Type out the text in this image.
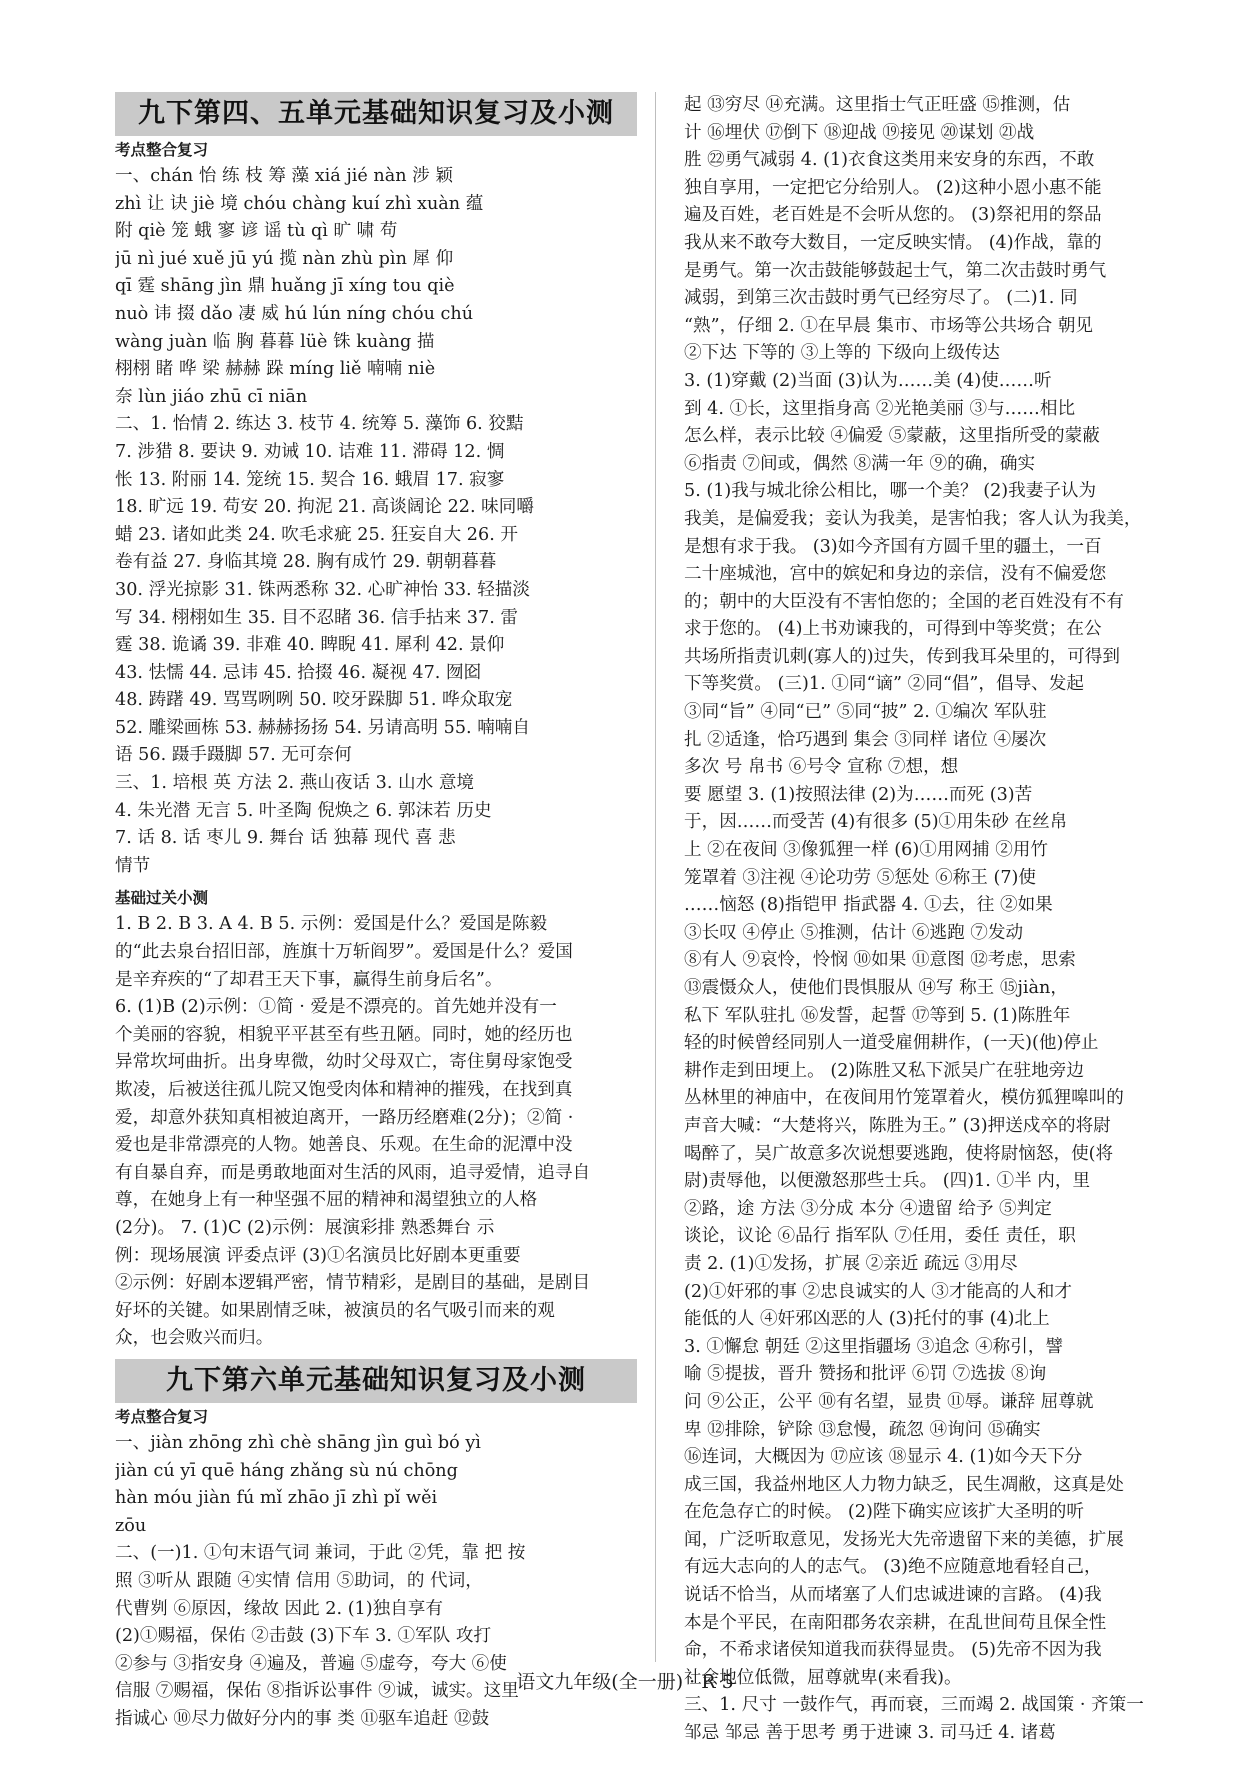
九下第四、五单元基础知识复习及小测
考点整合复习
一、chán 怡 练 枝 筹 藻 xiá jié nàn 涉 颖
zhì 让 诀 jiè 境 chóu chàng kuí zhì xuàn 蕴
附 qiè 笼 蛾 寥 谚 谣 tù qì 旷 啸 苟
jū nì jué xuě jū yú 揽 nàn zhù pìn 犀 仰
qī 霆 shāng jìn 鼎 huǎng jī xíng tou qiè
nuò 讳 掇 dǎo 凄 威 hú lún níng chóu chú
wàng juàn 临 胸 暮暮 lüè 铢 kuàng 描
栩栩 睹 哗 梁 赫赫 跺 míng liě 喃喃 niè
奈 lùn jiáo zhū cī niān
二、1. 怡情 2. 练达 3. 枝节 4. 统筹 5. 藻饰 6. 狡黠
7. 涉猎 8. 要诀 9. 劝诫 10. 诘难 11. 滞碍 12. 惆
怅 13. 附丽 14. 笼统 15. 契合 16. 蛾眉 17. 寂寥
18. 旷远 19. 苟安 20. 拘泥 21. 高谈阔论 22. 味同嚼
蜡 23. 诸如此类 24. 吹毛求疵 25. 狂妄自大 26. 开
卷有益 27. 身临其境 28. 胸有成竹 29. 朝朝暮暮
30. 浮光掠影 31. 铢两悉称 32. 心旷神怡 33. 轻描淡
写 34. 栩栩如生 35. 目不忍睹 36. 信手拈来 37. 雷
霆 38. 诡谲 39. 非难 40. 睥睨 41. 犀利 42. 景仰
43. 怯懦 44. 忌讳 45. 拾掇 46. 凝视 47. 囫囵
48. 踌躇 49. 骂骂咧咧 50. 咬牙跺脚 51. 哗众取宠
52. 雕梁画栋 53. 赫赫扬扬 54. 另请高明 55. 喃喃自
语 56. 蹑手蹑脚 57. 无可奈何
三、1. 培根 英 方法 2. 燕山夜话 3. 山水 意境
4. 朱光潜 无言 5. 叶圣陶 倪焕之 6. 郭沫若 历史
7. 话 8. 话 枣儿 9. 舞台 话 独幕 现代 喜 悲
情节
基础过关小测
1. B 2. B 3. A 4. B 5. 示例：爱国是什么？爱国是陈毅
的“此去泉台招旧部，旌旗十万斩阎罗”。爱国是什么？爱国
是辛弃疾的“了却君王天下事，赢得生前身后名”。
6. (1)B (2)示例：①简 · 爱是不漂亮的。首先她并没有一
个美丽的容貌，相貌平平甚至有些丑陋。同时，她的经历也
异常坎坷曲折。出身卑微，幼时父母双亡，寄住舅母家饱受
欺凌，后被送往孤儿院又饱受肉体和精神的摧残，在找到真
爱，却意外获知真相被迫离开，一路历经磨难(2分)；②简 ·
爱也是非常漂亮的人物。她善良、乐观。在生命的泥潭中没
有自暴自弃，而是勇敢地面对生活的风雨，追寻爱情，追寻自
尊，在她身上有一种坚强不屈的精神和渴望独立的人格
(2分)。 7. (1)C (2)示例：展演彩排 熟悉舞台 示
例：现场展演 评委点评 (3)①名演员比好剧本更重要
②示例：好剧本逻辑严密，情节精彩，是剧目的基础，是剧目
好坏的关键。如果剧情乏味，被演员的名气吸引而来的观
众，也会败兴而归。
九下第六单元基础知识复习及小测
考点整合复习
一、jiàn zhōng zhì chè shāng jìn guì bó yì
jiàn cú yī quē háng zhǎng sù nú chōng
hàn móu jiàn fú mǐ zhāo jī zhì pǐ wěi
zōu
二、(一)1. ①句末语气词 兼词，于此 ②凭，靠 把 按
照 ③听从 跟随 ④实情 信用 ⑤助词，的 代词，
代曹刿 ⑥原因，缘故 因此 2. (1)独自享有
(2)①赐福，保佑 ②击鼓 (3)下车 3. ①军队 攻打
②参与 ③指安身 ④遍及，普遍 ⑤虚夸，夸大 ⑥使
信服 ⑦赐福，保佑 ⑧指诉讼事件 ⑨诚，诚实。这里
指诚心 ⑩尽力做好分内的事 类 ⑪驱车追赶 ⑫鼓
起 ⑬穷尽 ⑭充满。这里指士气正旺盛 ⑮推测，估
计 ⑯埋伏 ⑰倒下 ⑱迎战 ⑲接见 ⑳谋划 ㉑战
胜 ㉒勇气减弱 4. (1)衣食这类用来安身的东西，不敢
独自享用，一定把它分给别人。 (2)这种小恩小惠不能
遍及百姓，老百姓是不会听从您的。 (3)祭祀用的祭品
我从来不敢夸大数目，一定反映实情。 (4)作战，靠的
是勇气。第一次击鼓能够鼓起士气，第二次击鼓时勇气
减弱，到第三次击鼓时勇气已经穷尽了。 (二)1. 同
“熟”，仔细 2. ①在早晨 集市、市场等公共场合 朝见
②下达 下等的 ③上等的 下级向上级传达
3. (1)穿戴 (2)当面 (3)认为……美 (4)使……听
到 4. ①长，这里指身高 ②光艳美丽 ③与……相比
怎么样，表示比较 ④偏爱 ⑤蒙蔽，这里指所受的蒙蔽
⑥指责 ⑦间或，偶然 ⑧满一年 ⑨的确，确实
5. (1)我与城北徐公相比，哪一个美？ (2)我妻子认为
我美，是偏爱我；妾认为我美，是害怕我；客人认为我美，
是想有求于我。 (3)如今齐国有方圆千里的疆土，一百
二十座城池，宫中的嫔妃和身边的亲信，没有不偏爱您
的；朝中的大臣没有不害怕您的；全国的老百姓没有不有
求于您的。 (4)上书劝谏我的，可得到中等奖赏；在公
共场所指责讥刺(寡人的)过失，传到我耳朵里的，可得到
下等奖赏。 (三)1. ①同“谪” ②同“倡”，倡导、发起
③同“旨” ④同“已” ⑤同“披” 2. ①编次 军队驻
扎 ②适逢，恰巧遇到 集会 ③同样 诸位 ④屡次
多次 号 帛书 ⑥号令 宣称 ⑦想，想
要 愿望 3. (1)按照法律 (2)为……而死 (3)苦
于，因……而受苦 (4)有很多 (5)①用朱砂 在丝帛
上 ②在夜间 ③像狐狸一样 (6)①用网捕 ②用竹
笼罩着 ③注视 ④论功劳 ⑤惩处 ⑥称王 (7)使
……恼怒 (8)指铠甲 指武器 4. ①去，往 ②如果
③长叹 ④停止 ⑤推测，估计 ⑥逃跑 ⑦发动
⑧有人 ⑨哀怜，怜悯 ⑩如果 ⑪意图 ⑫考虑，思索
⑬震慑众人，使他们畏惧服从 ⑭写 称王 ⑮jiàn，
私下 军队驻扎 ⑯发誓，起誓 ⑰等到 5. (1)陈胜年
轻的时候曾经同别人一道受雇佣耕作，(一天)(他)停止
耕作走到田埂上。 (2)陈胜又私下派吴广在驻地旁边
丛林里的神庙中，在夜间用竹笼罩着火，模仿狐狸嗥叫的
声音大喊：“大楚将兴，陈胜为王。” (3)押送戍卒的将尉
喝醉了，吴广故意多次说想要逃跑，使将尉恼怒，使(将
尉)责辱他，以便激怒那些士兵。 (四)1. ①半 内，里
②路，途 方法 ③分成 本分 ④遗留 给予 ⑤判定
谈论，议论 ⑥品行 指军队 ⑦任用，委任 责任，职
责 2. (1)①发扬，扩展 ②亲近 疏远 ③用尽
(2)①奸邪的事 ②忠良诚实的人 ③才能高的人和才
能低的人 ④奸邪凶恶的人 (3)托付的事 (4)北上
3. ①懈怠 朝廷 ②这里指疆场 ③追念 ④称引，譬
喻 ⑤提拔，晋升 赞扬和批评 ⑥罚 ⑦选拔 ⑧询
问 ⑨公正，公平 ⑩有名望，显贵 ⑪辱。谦辞 屈尊就
卑 ⑫排除，铲除 ⑬怠慢，疏忽 ⑭询问 ⑮确实
⑯连词，大概因为 ⑰应该 ⑱显示 4. (1)如今天下分
成三国，我益州地区人力物力缺乏，民生凋敝，这真是处
在危急存亡的时候。 (2)陛下确实应该扩大圣明的听
闻，广泛听取意见，发扬光大先帝遗留下来的美德，扩展
有远大志向的人的志气。 (3)绝不应随意地看轻自己，
说话不恰当，从而堵塞了人们忠诚进谏的言路。 (4)我
本是个平民，在南阳郡务农亲耕，在乱世间苟且保全性
命，不希求诸侯知道我而获得显贵。 (5)先帝不因为我
社会地位低微，屈尊就卑(来看我)。
三、1. 尺寸 一鼓作气，再而衰，三而竭 2. 战国策 · 齐策一
邹忌 邹忌 善于思考 勇于进谏 3. 司马迁 4. 诸葛
语文九年级(全一册) · R 5
